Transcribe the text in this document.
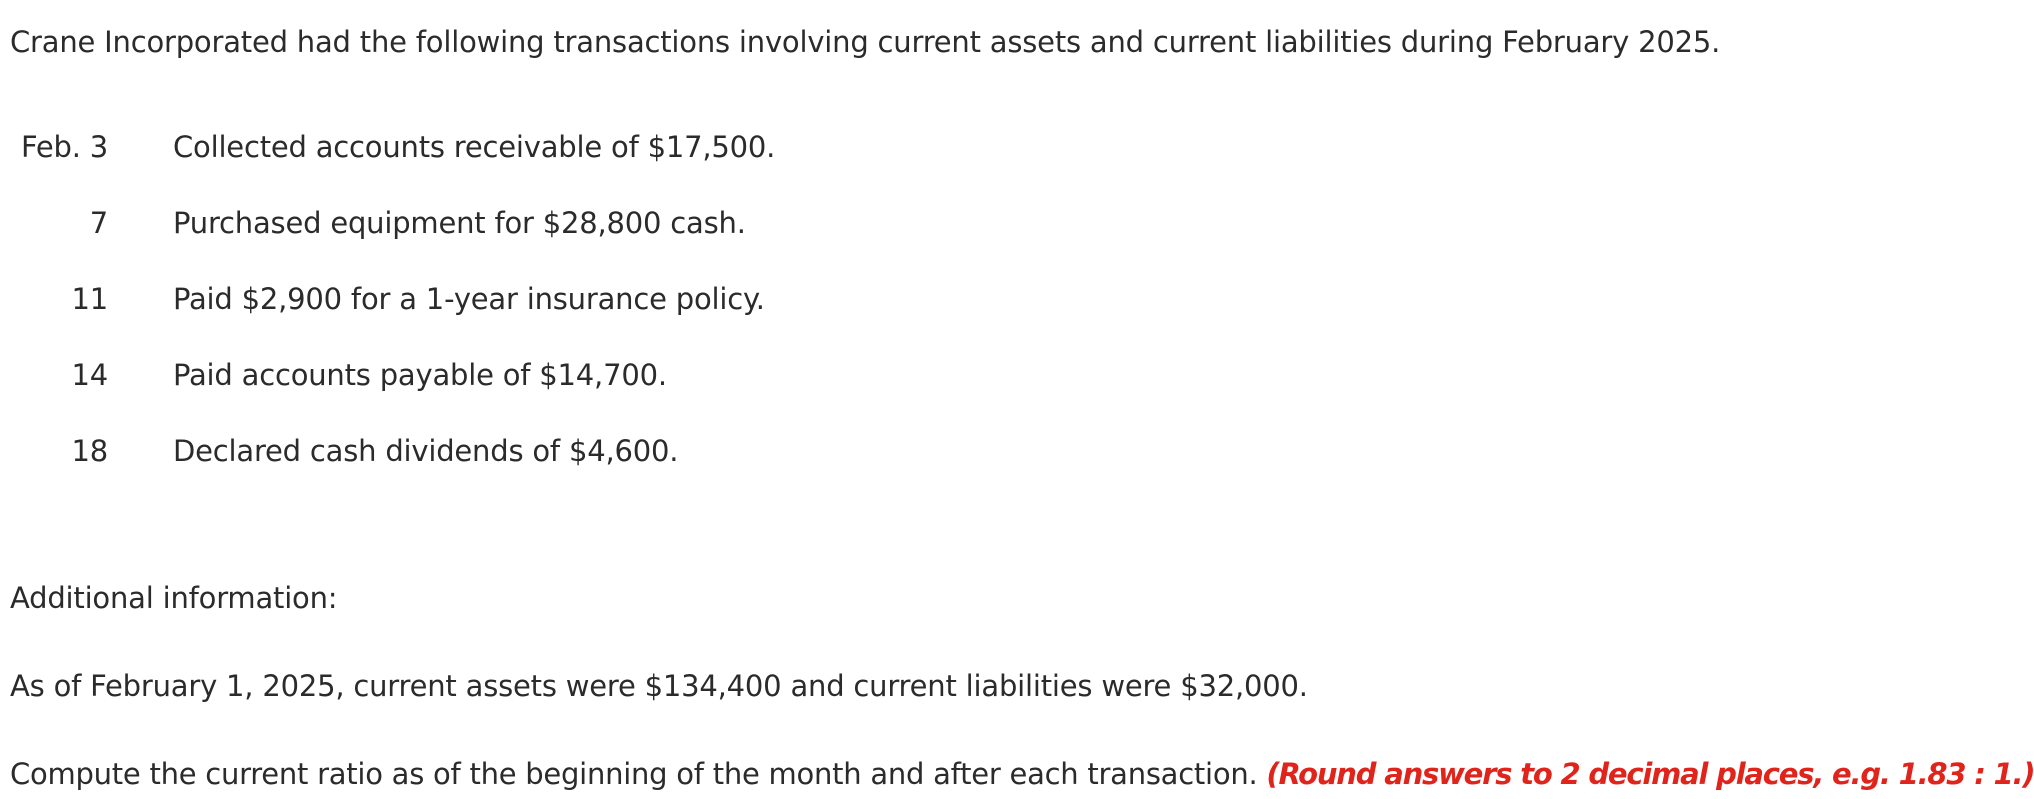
Crane Incorporated had the following transactions involving current assets and current liabilities during February 2025.
Feb. 3 Collected accounts receivable of $17,500.
7 Purchased equipment for $28,800 cash.
11 Paid $2,900 for a 1-year insurance policy.
14 Paid accounts payable of $14,700.
18 Declared cash dividends of $4,600.
Additional information:
As of February 1, 2025, current assets were $134,400 and current liabilities were $32,000.
Compute the current ratio as of the beginning of the month and after each transaction. (Round answers to 2 decimal places, e.g. 1.83 : 1.)
